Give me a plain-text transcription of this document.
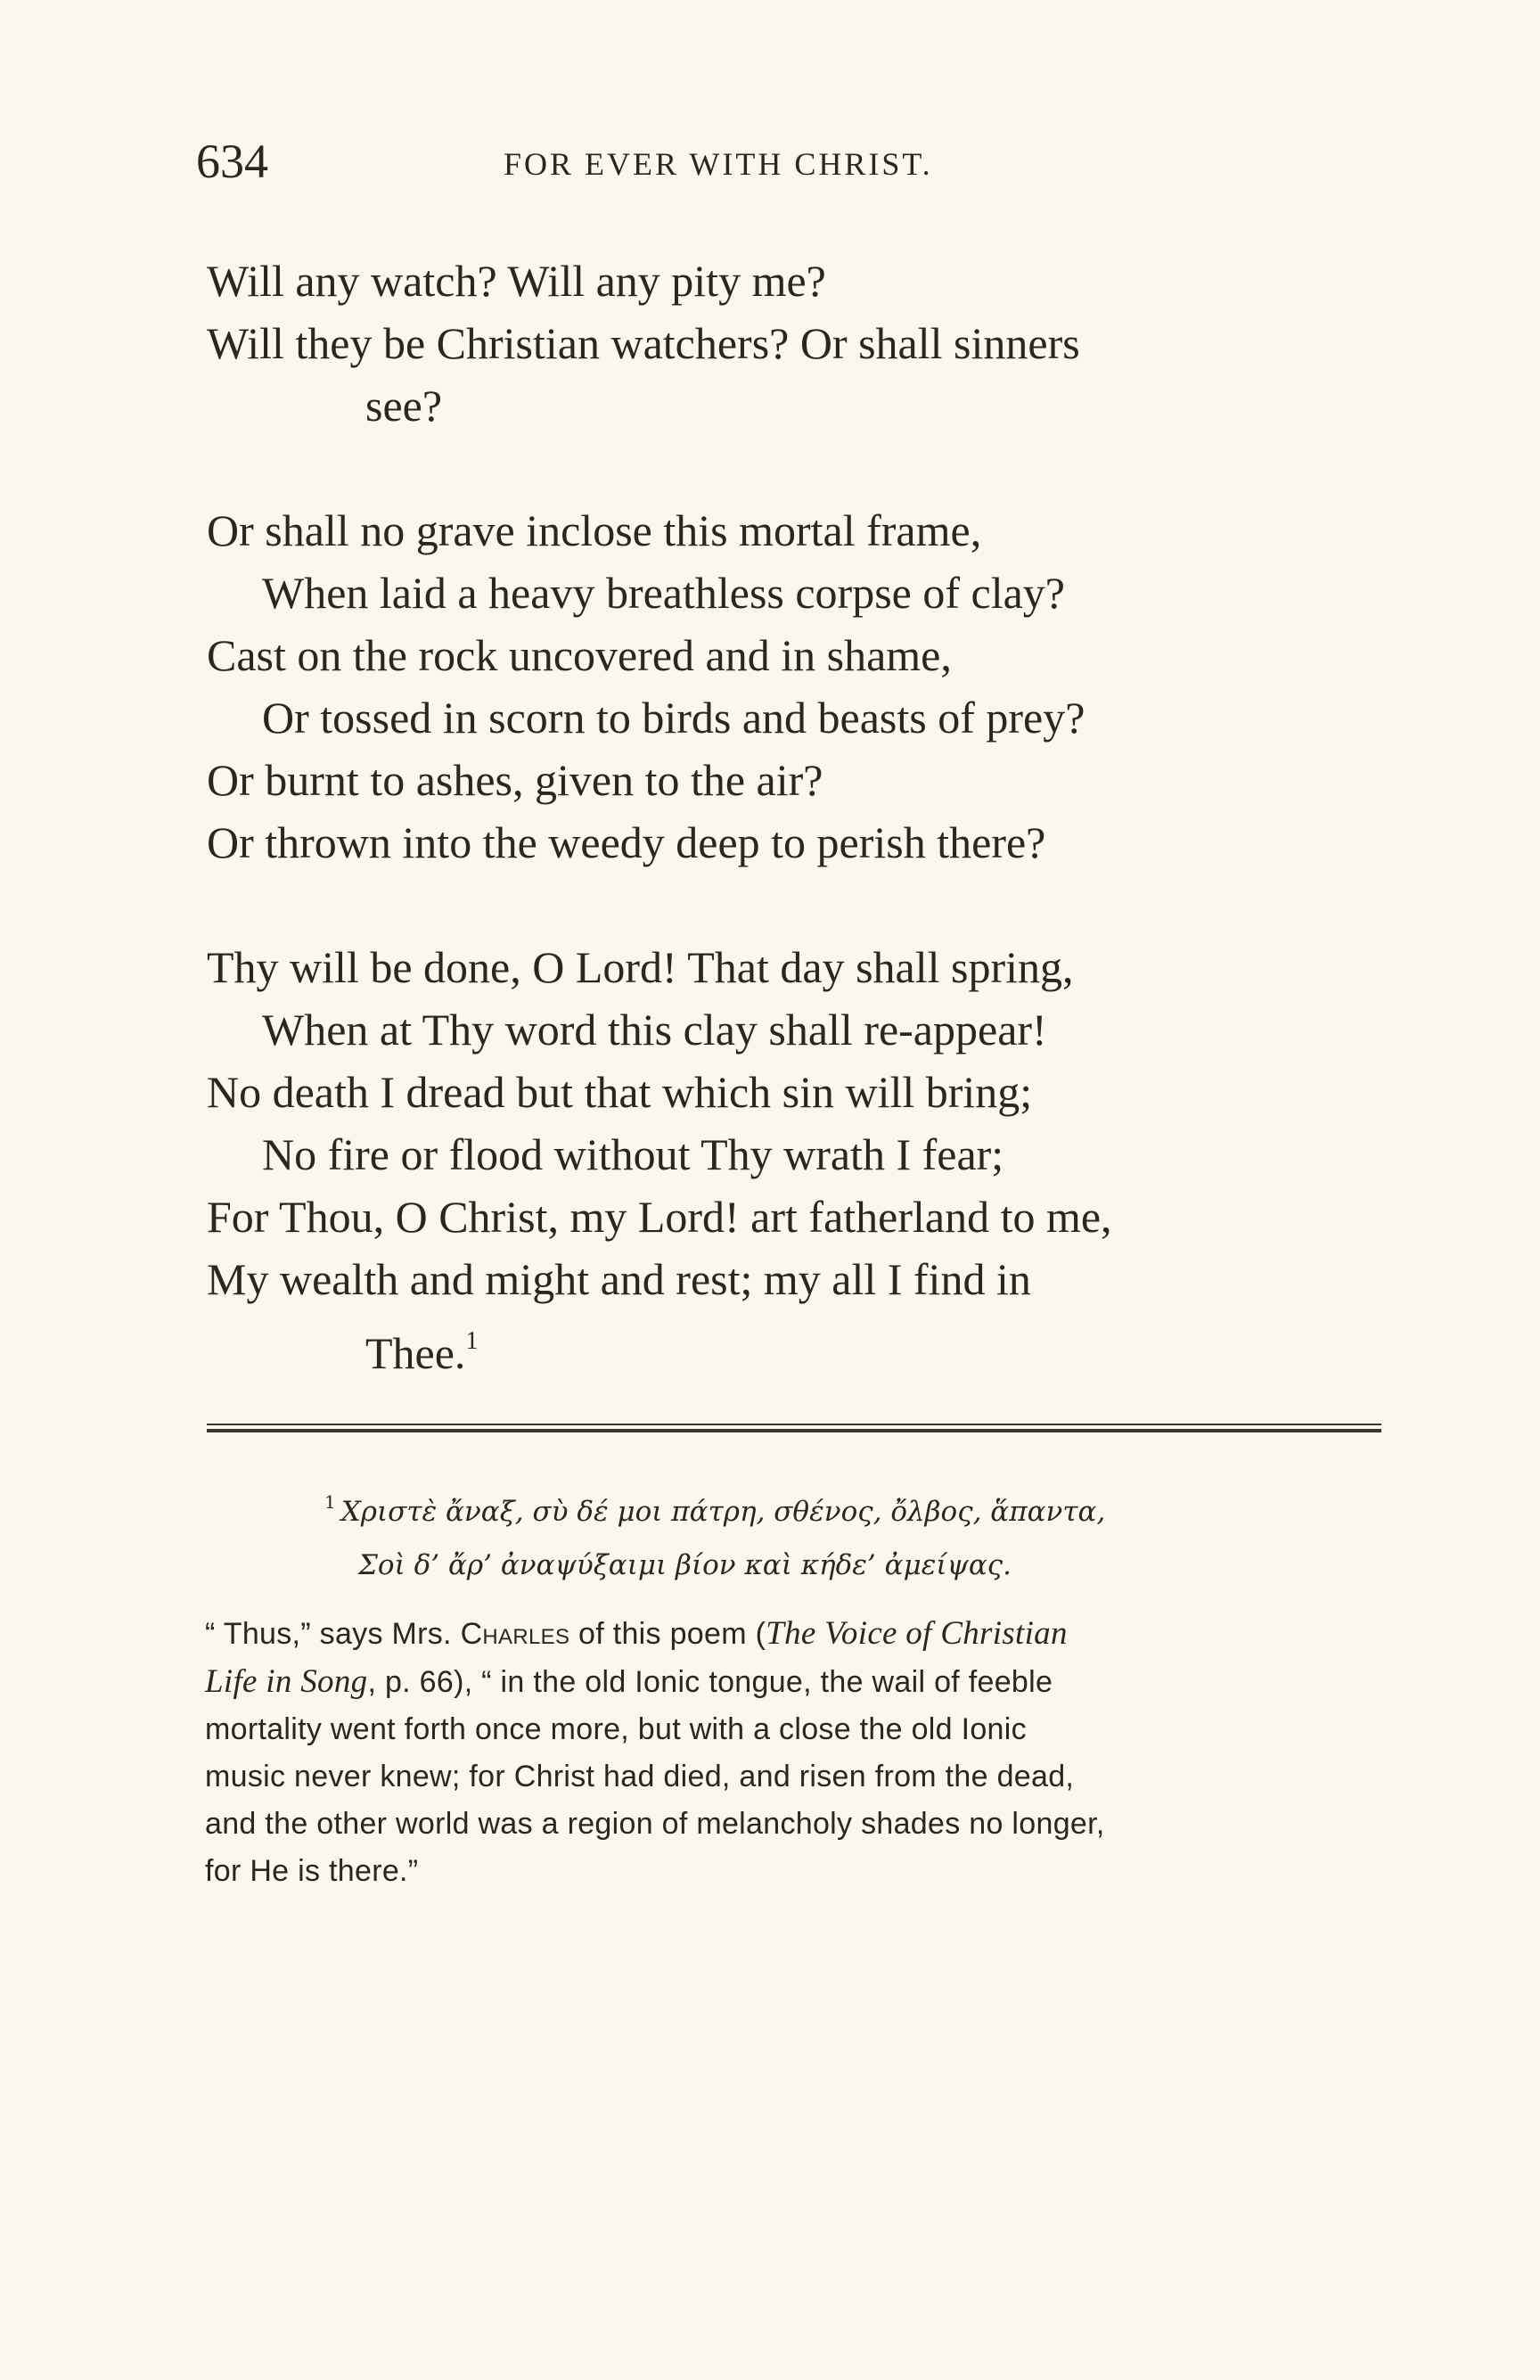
634	FOR EVER WITH CHRIST.
Will any watch? Will any pity me?
Will they be Christian watchers? Or shall sinners
see?
Or shall no grave inclose this mortal frame,
When laid a heavy breathless corpse of clay?
Cast on the rock uncovered and in shame,
Or tossed in scorn to birds and beasts of prey?
Or burnt to ashes, given to the air?
Or thrown into the weedy deep to perish there?
Thy will be done, O Lord! That day shall spring,
When at Thy word this clay shall re-appear!
No death I dread but that which sin will bring;
No fire or flood without Thy wrath I fear;
For Thou, O Christ, my Lord! art fatherland to me,
My wealth and might and rest; my all I find in
Thee.$^1$
$^1$ Χριστὲ ἄναξ, σὺ δέ μοι πάτρη, σθένος, ὄλβος, ἅπαντα,
Σοὶ δ’ ἄρ’ ἀναψύξαιμι βίον καὶ κήδε’ ἀμείψας.
“ Thus,” says Mrs. Charles of this poem (The Voice of Christian
Life in Song, p. 66), “ in the old Ionic tongue, the wail of feeble
mortality went forth once more, but with a close the old Ionic
music never knew; for Christ had died, and risen from the dead,
and the other world was a region of melancholy shades no longer,
for He is there.”
